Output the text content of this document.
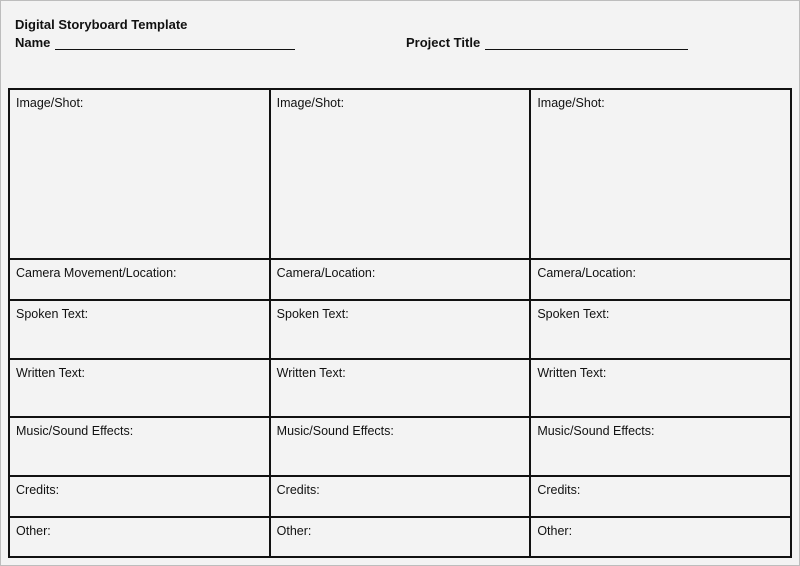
Digital Storyboard Template
Name	Project Title
Image/Shot:	Image/Shot:	Image/Shot:
Camera Movement/Location:	Camera/Location:	Camera/Location:
Spoken Text:	Spoken Text:	Spoken Text:
Written Text:	Written Text:	Written Text:
Music/Sound Effects:	Music/Sound Effects:	Music/Sound Effects:
Credits:	Credits:	Credits:
Other:	Other:	Other:
